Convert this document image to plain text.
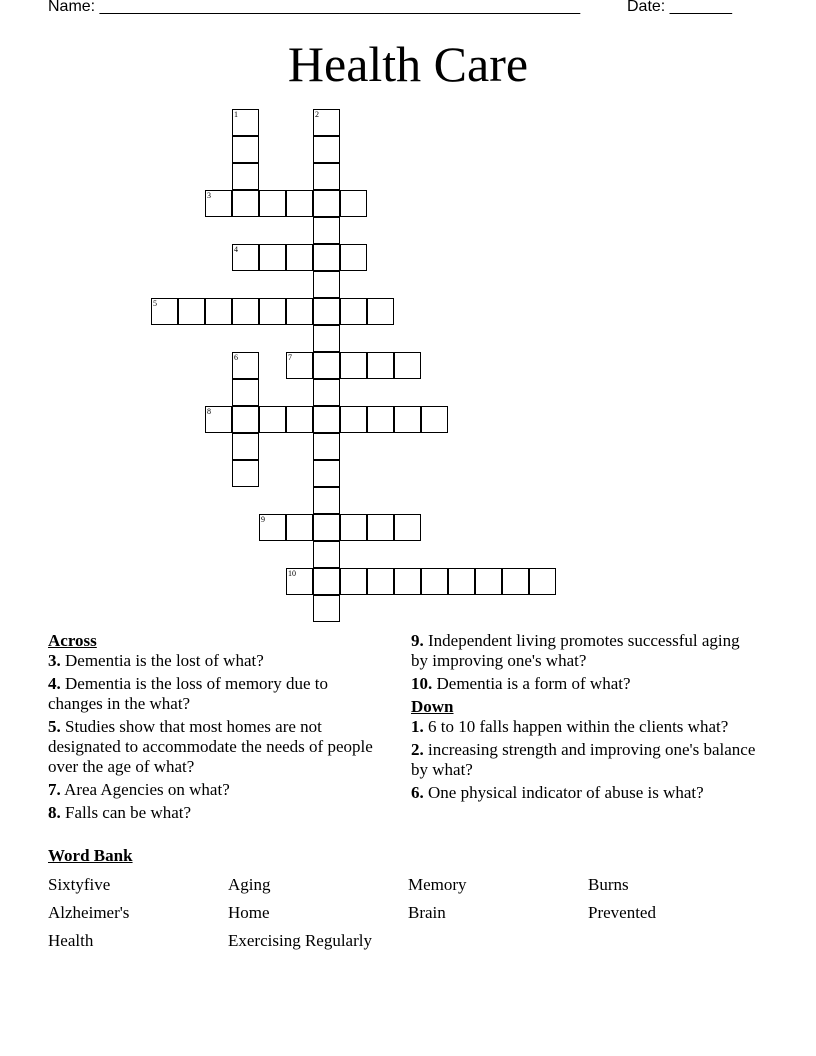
Name: ______________________________________________________	Date: _______
Health Care
1	2
3
4
5
6	7
8
9
10

Across

3. Dementia is the lost of what?

4. Dementia is the loss of memory due to changes in the what?

5. Studies show that most homes are not designated to accommodate the needs of people over the age of what?

7. Area Agencies on what?

8. Falls can be what?

9. Independent living promotes successful aging by improving one's what?

10. Dementia is a form of what?

Down

1. 6 to 10 falls happen within the clients what?

2. increasing strength and improving one's balance by what?

6. One physical indicator of abuse is what?

Word Bank
Sixtyfive	Aging	Memory	Burns
Alzheimer's	Home	Brain	Prevented
Health	Exercising Regularly
